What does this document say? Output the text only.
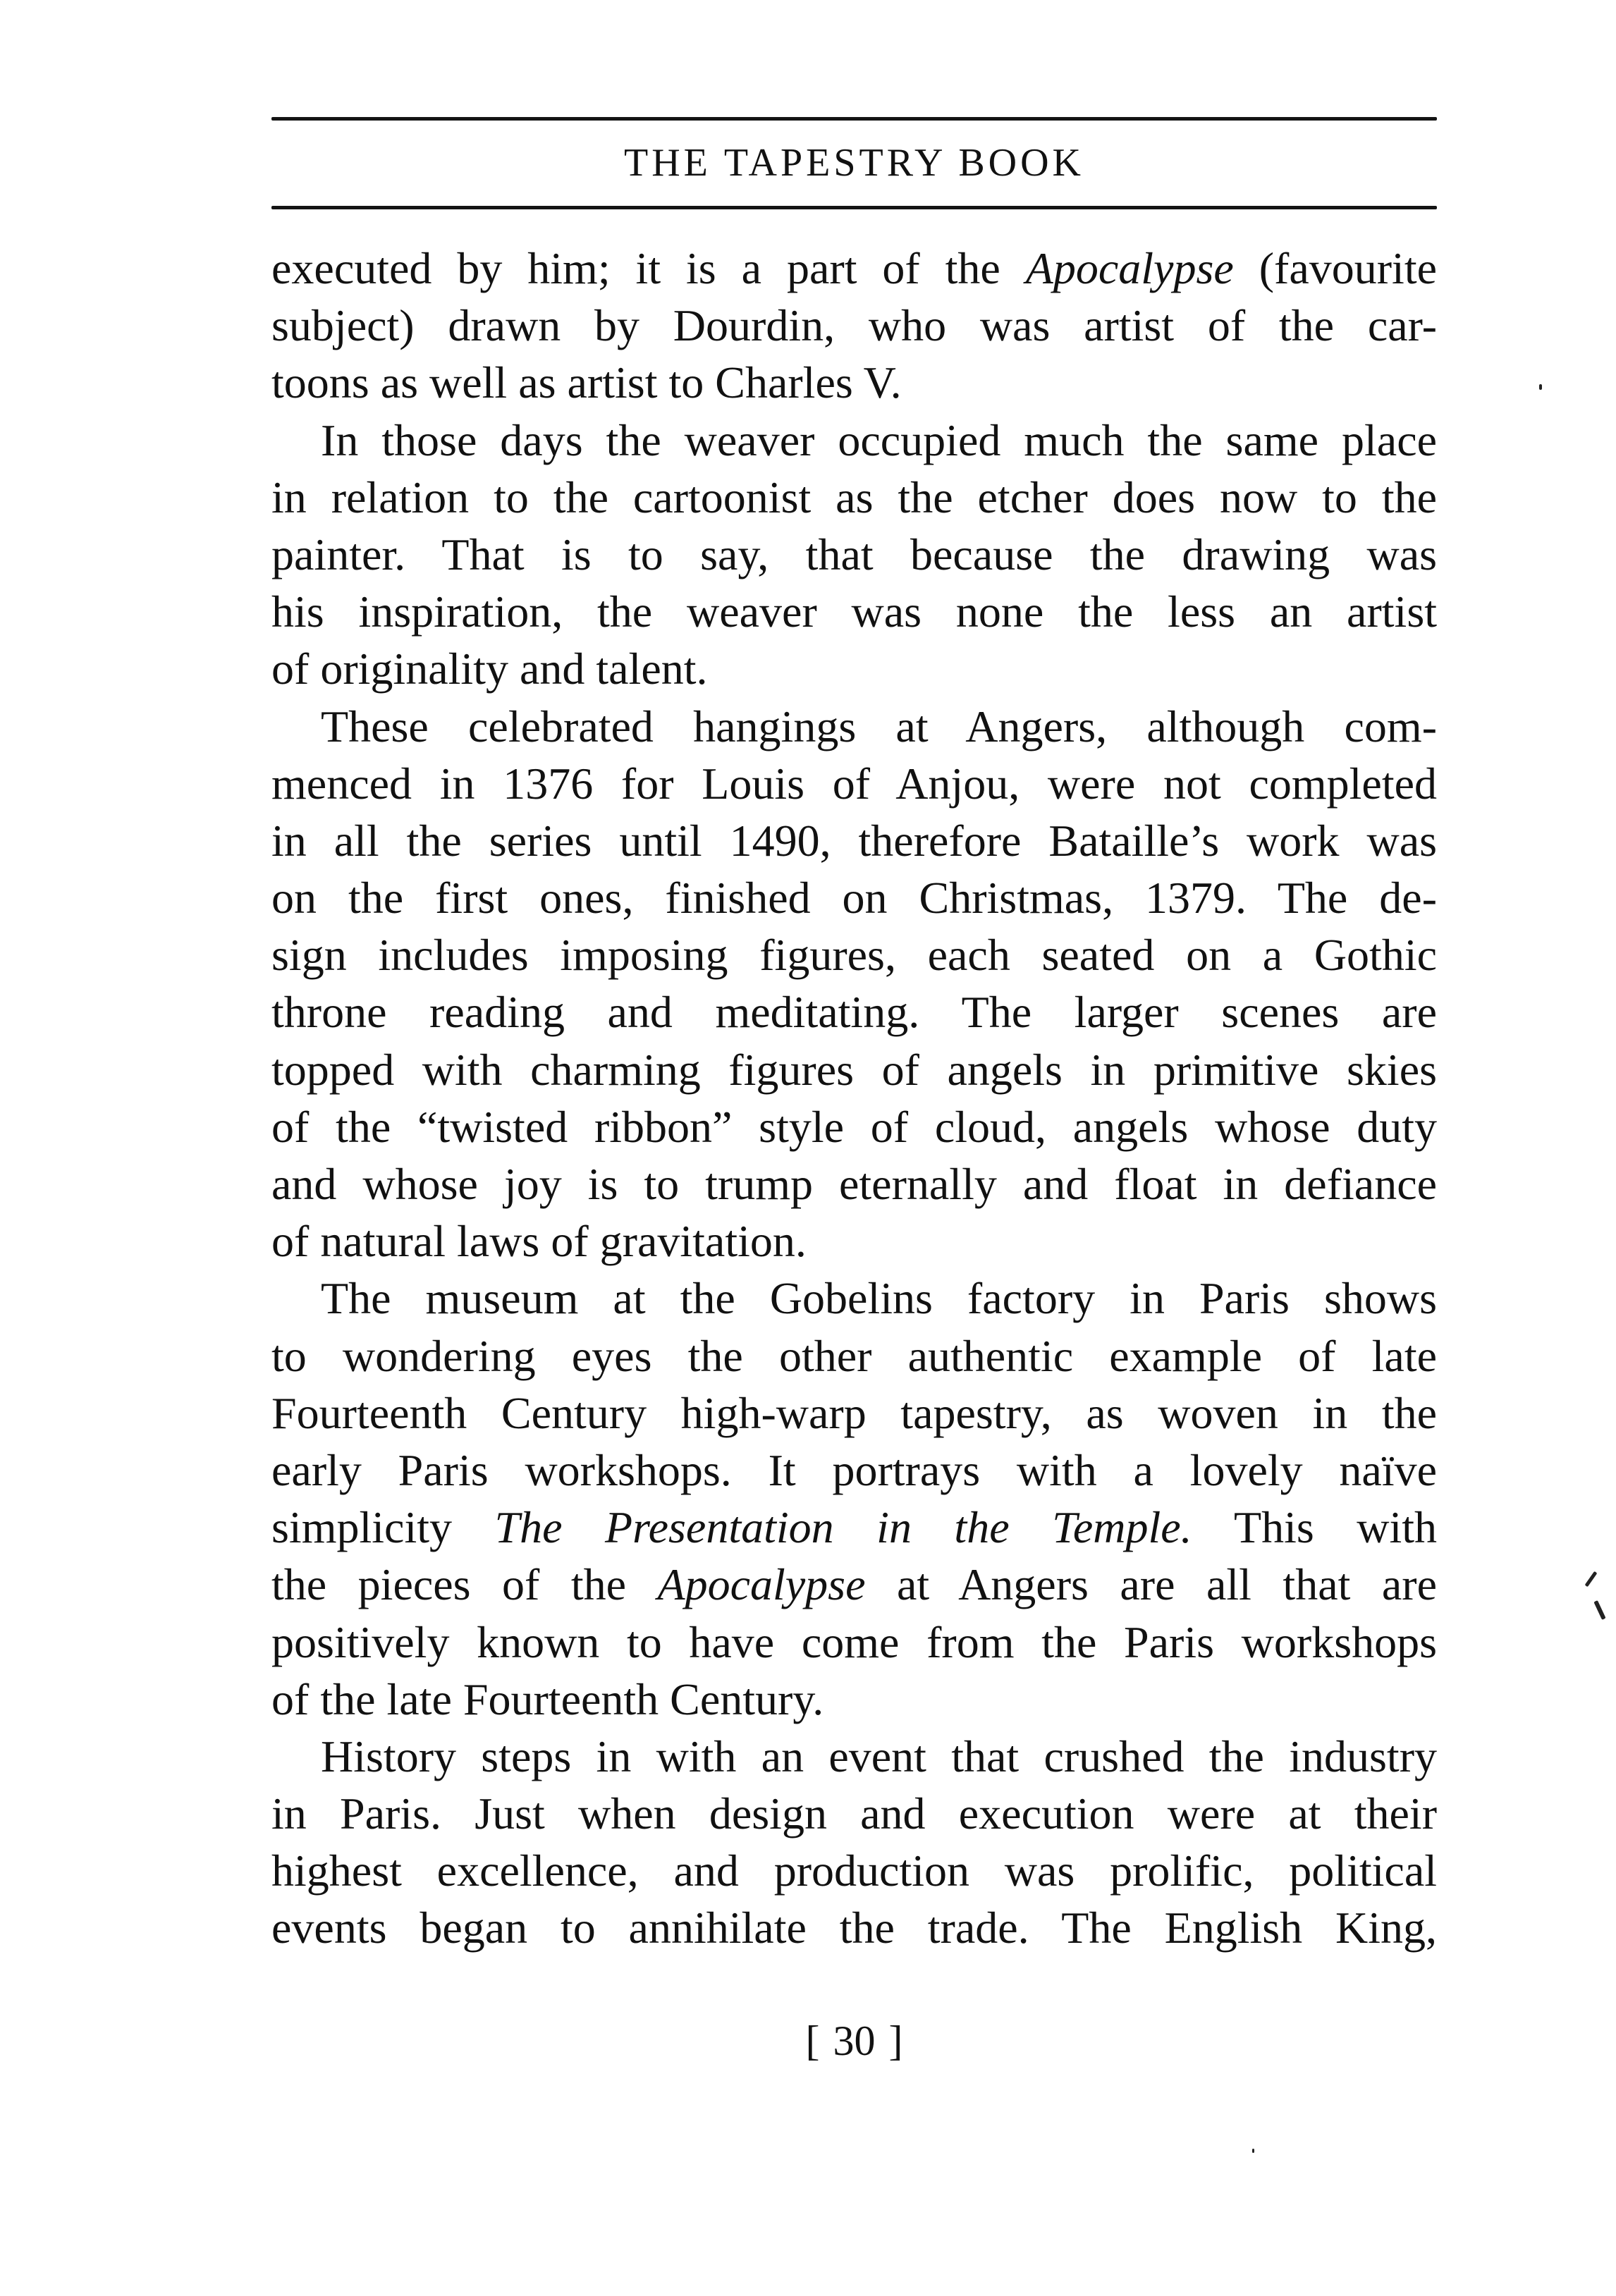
THE TAPESTRY BOOK
executed by him; it is a part of the Apocalypse (favourite
subject) drawn by Dourdin, who was artist of the car-
toons as well as artist to Charles V.
In those days the weaver occupied much the same place
in relation to the cartoonist as the etcher does now to the
painter. That is to say, that because the drawing was
his inspiration, the weaver was none the less an artist
of originality and talent.
These celebrated hangings at Angers, although com-
menced in 1376 for Louis of Anjou, were not completed
in all the series until 1490, therefore Bataille’s work was
on the first ones, finished on Christmas, 1379. The de-
sign includes imposing figures, each seated on a Gothic
throne reading and meditating. The larger scenes are
topped with charming figures of angels in primitive skies
of the “twisted ribbon” style of cloud, angels whose duty
and whose joy is to trump eternally and float in defiance
of natural laws of gravitation.
The museum at the Gobelins factory in Paris shows
to wondering eyes the other authentic example of late
Fourteenth Century high-warp tapestry, as woven in the
early Paris workshops. It portrays with a lovely naïve
simplicity The Presentation in the Temple. This with
the pieces of the Apocalypse at Angers are all that are
positively known to have come from the Paris workshops
of the late Fourteenth Century.
History steps in with an event that crushed the industry
in Paris. Just when design and execution were at their
highest excellence, and production was prolific, political
events began to annihilate the trade. The English King,
[ 30 ]
